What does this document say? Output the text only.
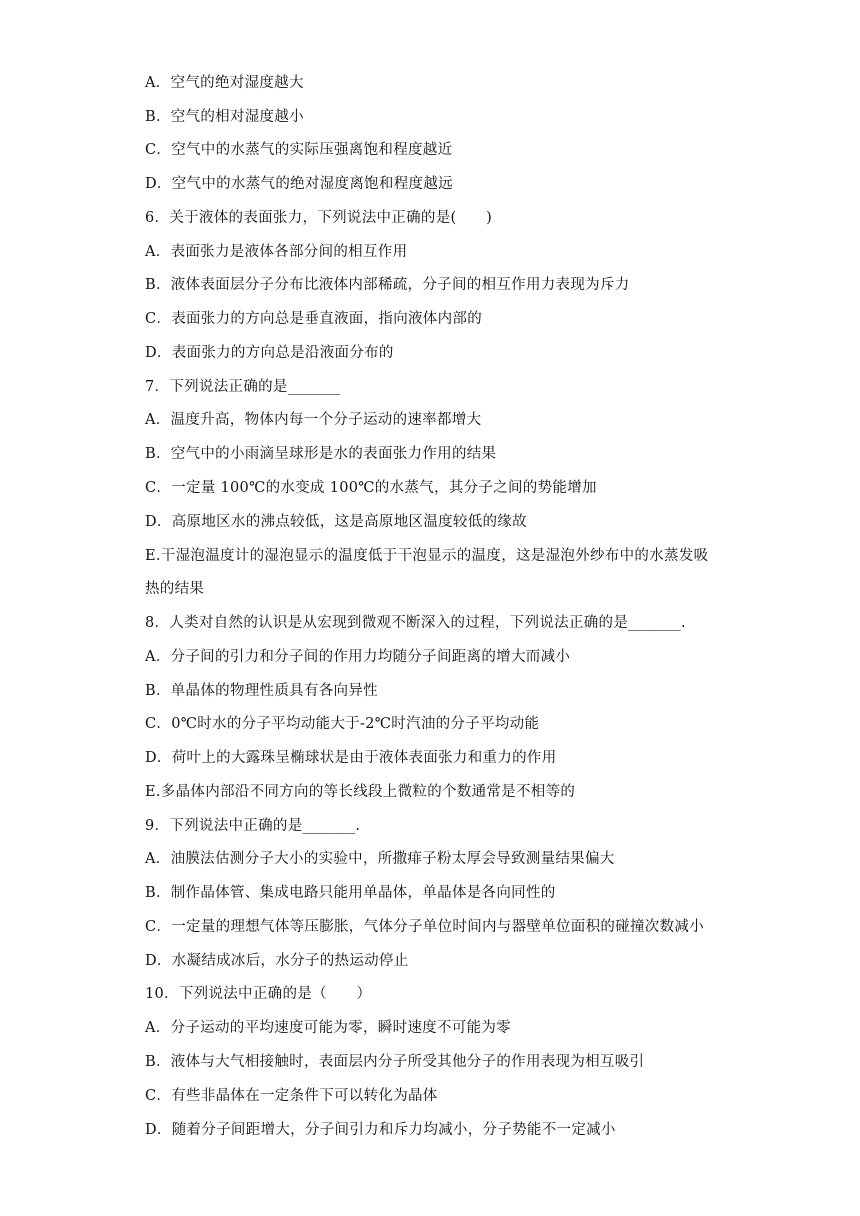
A．空气的绝对湿度越大
B．空气的相对湿度越小
C．空气中的水蒸气的实际压强离饱和程度越近
D．空气中的水蒸气的绝对湿度离饱和程度越远
6．关于液体的表面张力，下列说法中正确的是(　　)
A．表面张力是液体各部分间的相互作用
B．液体表面层分子分布比液体内部稀疏，分子间的相互作用力表现为斥力
C．表面张力的方向总是垂直液面，指向液体内部的
D．表面张力的方向总是沿液面分布的
7．下列说法正确的是_______
A．温度升高，物体内每一个分子运动的速率都增大
B．空气中的小雨滴呈球形是水的表面张力作用的结果
C．一定量 100℃的水变成 100℃的水蒸气，其分子之间的势能增加
D．高原地区水的沸点较低，这是高原地区温度较低的缘故
E.干湿泡温度计的湿泡显示的温度低于干泡显示的温度，这是湿泡外纱布中的水蒸发吸
热的结果
8．人类对自然的认识是从宏现到微观不断深入的过程，下列说法正确的是_______.
A．分子间的引力和分子间的作用力均随分子间距离的增大而减小
B．单晶体的物理性质具有各向异性
C．0℃时水的分子平均动能大于-2℃时汽油的分子平均动能
D．荷叶上的大露珠呈椭球状是由于液体表面张力和重力的作用
E.多晶体内部沿不同方向的等长线段上微粒的个数通常是不相等的
9．下列说法中正确的是_______.
A．油膜法估测分子大小的实验中，所撒痱子粉太厚会导致测量结果偏大
B．制作晶体管、集成电路只能用单晶体，单晶体是各向同性的
C．一定量的理想气体等压膨胀，气体分子单位时间内与器壁单位面积的碰撞次数减小
D．水凝结成冰后，水分子的热运动停止
10．下列说法中正确的是（　　）
A．分子运动的平均速度可能为零，瞬时速度不可能为零
B．液体与大气相接触时，表面层内分子所受其他分子的作用表现为相互吸引
C．有些非晶体在一定条件下可以转化为晶体
D．随着分子间距增大，分子间引力和斥力均减小，分子势能不一定减小
